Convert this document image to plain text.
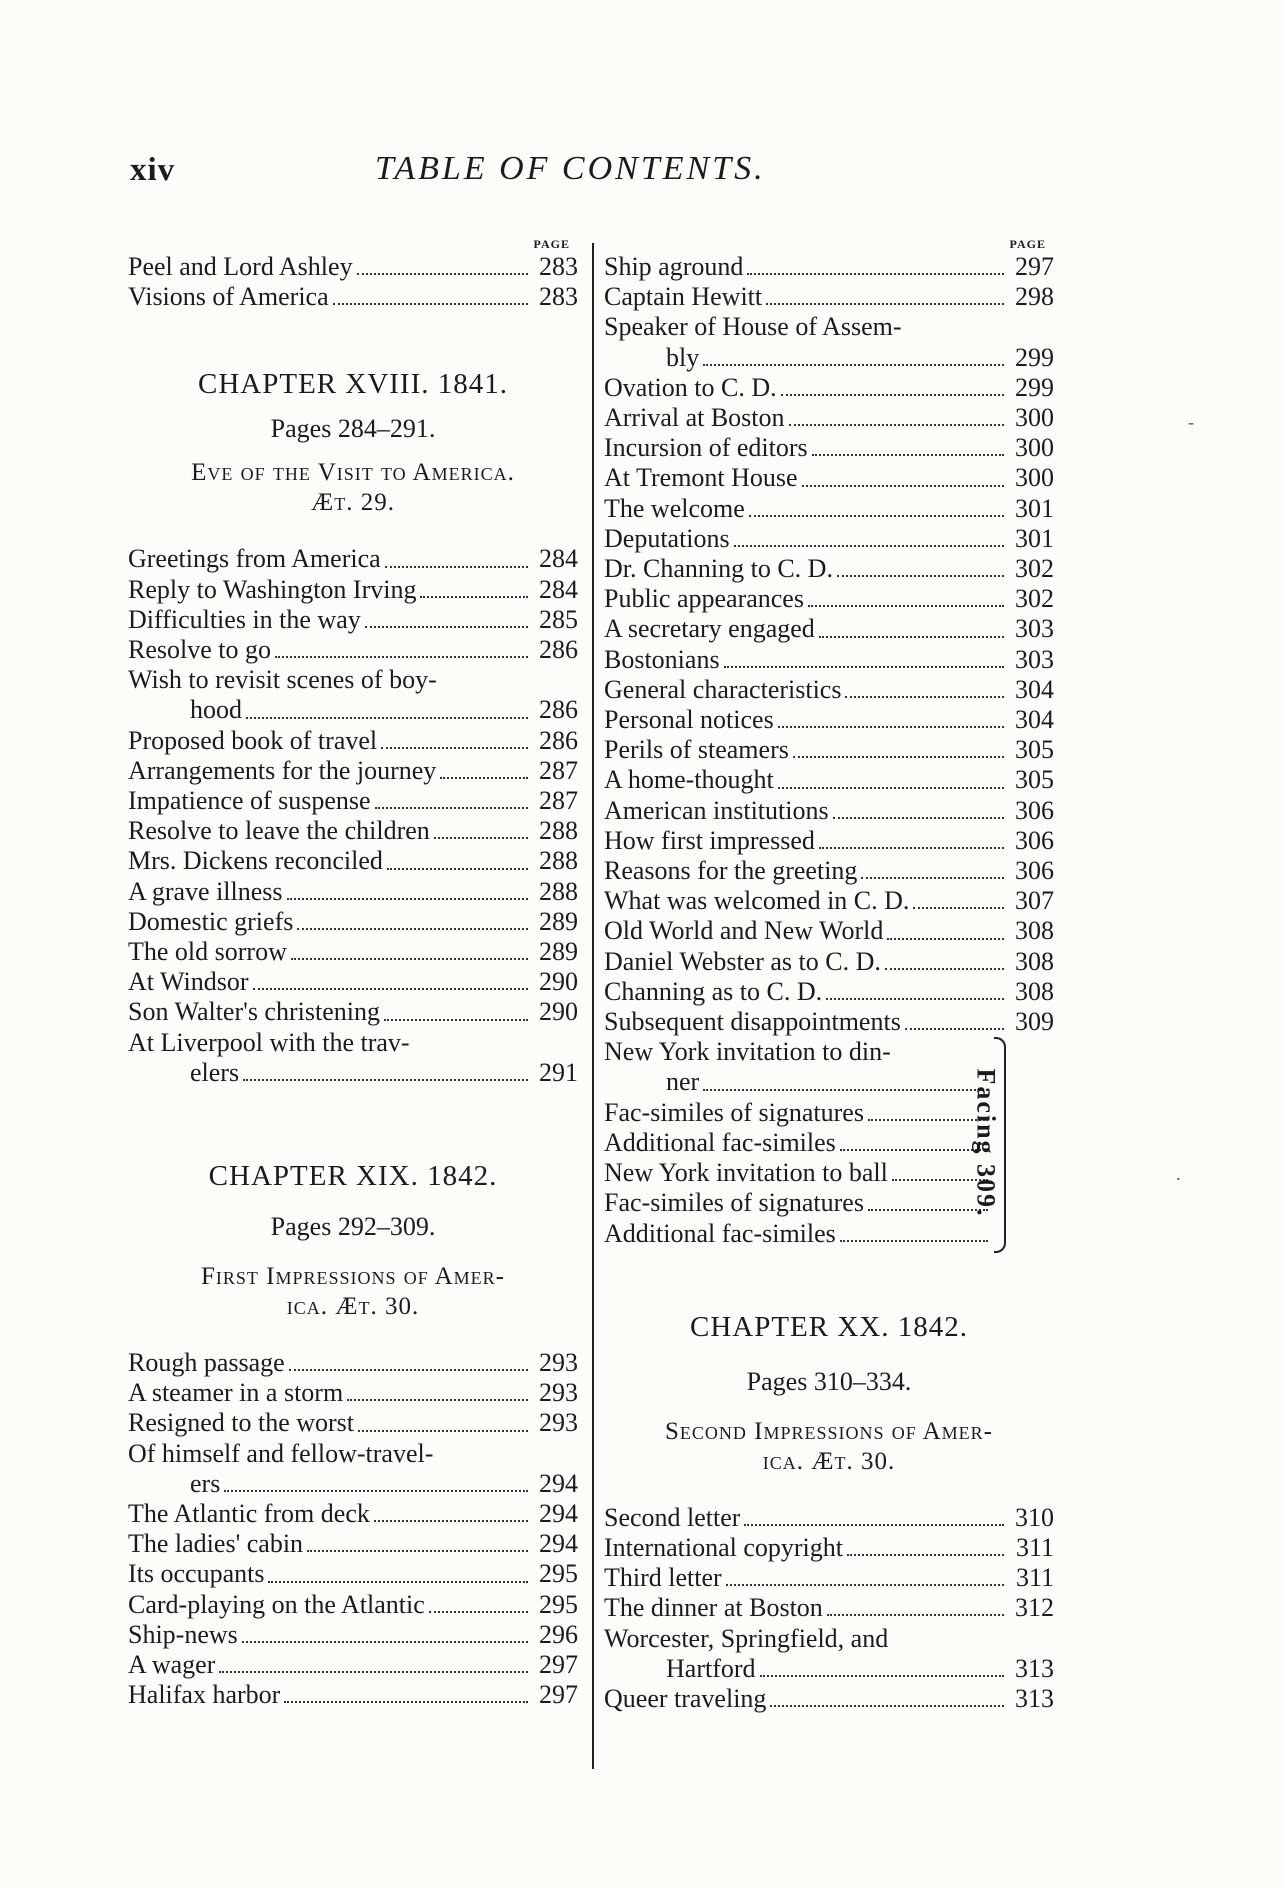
xiv	TABLE OF CONTENTS.
PAGE
Peel and Lord Ashley	283
Visions of America	283
CHAPTER XVIII. 1841.
Pages 284–291.
Eve of the Visit to America.
Æt. 29.
Greetings from America	284
Reply to Washington Irving	284
Difficulties in the way	285
Resolve to go	286
Wish to revisit scenes of boy-
hood	286
Proposed book of travel	286
Arrangements for the journey	287
Impatience of suspense	287
Resolve to leave the children	288
Mrs. Dickens reconciled	288
A grave illness	288
Domestic griefs	289
The old sorrow	289
At Windsor	290
Son Walter's christening	290
At Liverpool with the trav-
elers	291
CHAPTER XIX. 1842.
Pages 292–309.
First Impressions of Amer-
ica. Æt. 30.
Rough passage	293
A steamer in a storm	293
Resigned to the worst	293
Of himself and fellow-travel-
ers	294
The Atlantic from deck	294
The ladies' cabin	294
Its occupants	295
Card-playing on the Atlantic	295
Ship-news	296
A wager	297
Halifax harbor	297
PAGE
Ship aground	297
Captain Hewitt	298
Speaker of House of Assem-
bly	299
Ovation to C. D.	299
Arrival at Boston	300
Incursion of editors	300
At Tremont House	300
The welcome	301
Deputations	301
Dr. Channing to C. D.	302
Public appearances	302
A secretary engaged	303
Bostonians	303
General characteristics	304
Personal notices	304
Perils of steamers	305
A home-thought	305
American institutions	306
How first impressed	306
Reasons for the greeting	306
What was welcomed in C. D.	307
Old World and New World	308
Daniel Webster as to C. D.	308
Channing as to C. D.	308
Subsequent disappointments	309
New York invitation to din-
ner
Fac-similes of signatures
Additional fac-similes
New York invitation to ball
Fac-similes of signatures
Additional fac-similes
Facing 309.
CHAPTER XX. 1842.
Pages 310–334.
Second Impressions of Amer-
ica. Æt. 30.
Second letter	310
International copyright	311
Third letter	311
The dinner at Boston	312
Worcester, Springfield, and
Hartford	313
Queer traveling	313
-
.
